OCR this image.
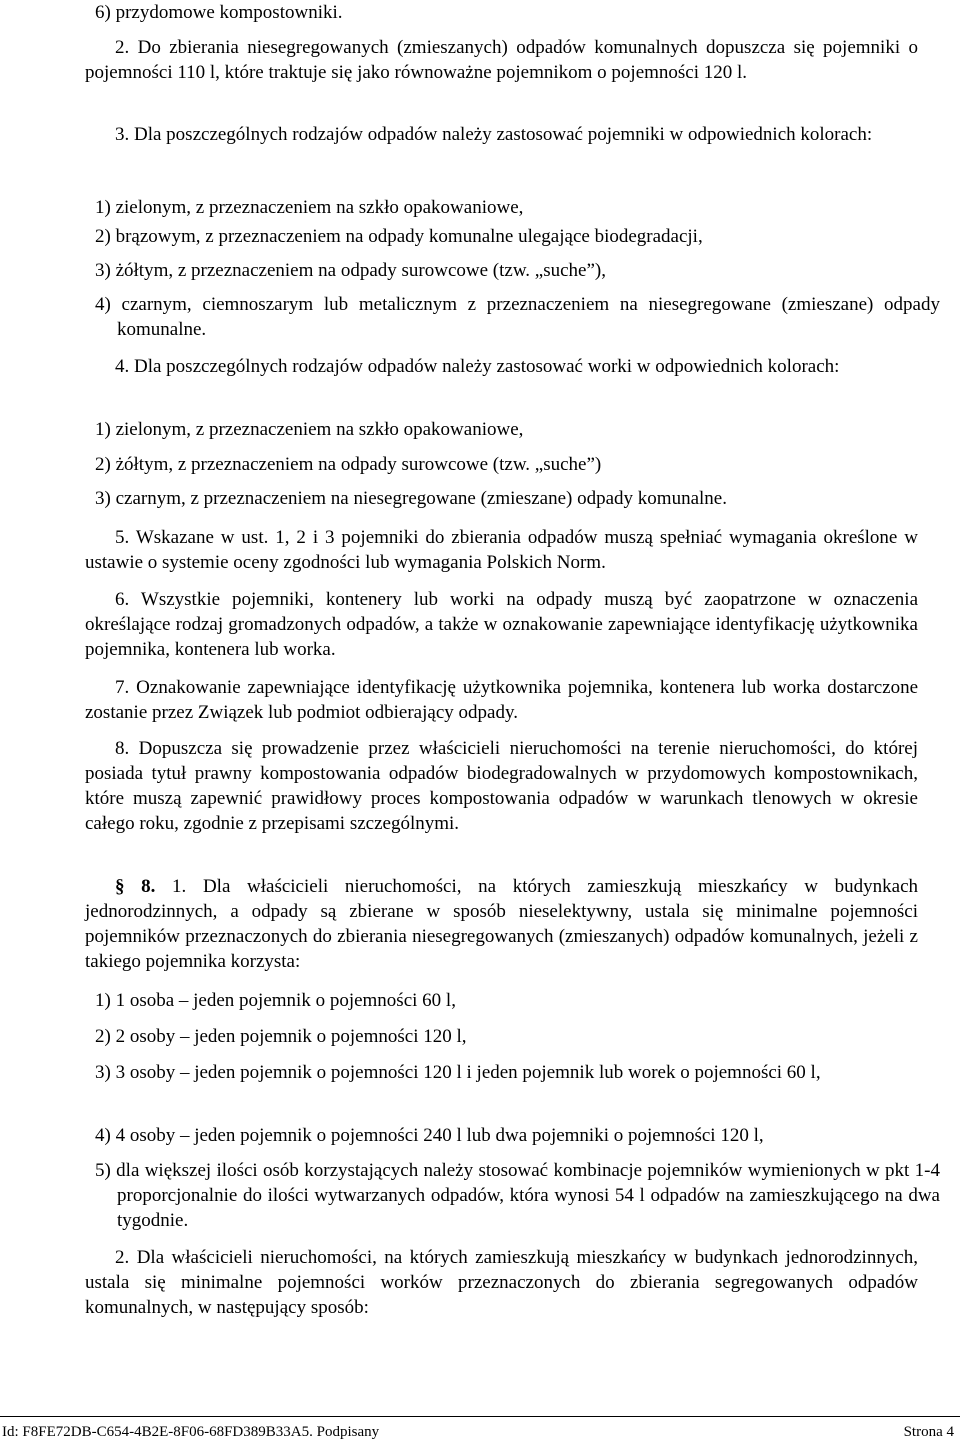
6) przydomowe kompostowniki.

2. Do zbierania niesegregowanych (zmieszanych) odpadów komunalnych dopuszcza się pojemniki o pojemności 110 l, które traktuje się jako równoważne pojemnikom o pojemności 120 l.

3. Dla poszczególnych rodzajów odpadów należy zastosować pojemniki w odpowiednich kolorach:

1) zielonym, z przeznaczeniem na szkło opakowaniowe,

2) brązowym, z przeznaczeniem na odpady komunalne ulegające biodegradacji,

3) żółtym, z przeznaczeniem na odpady surowcowe (tzw. „suche”),

4) czarnym, ciemnoszarym lub metalicznym z przeznaczeniem na niesegregowane (zmieszane) odpady komunalne.

4. Dla poszczególnych rodzajów odpadów należy zastosować worki w odpowiednich kolorach:

1) zielonym, z przeznaczeniem na szkło opakowaniowe,

2) żółtym, z przeznaczeniem na odpady surowcowe (tzw. „suche”)

3) czarnym, z przeznaczeniem na niesegregowane (zmieszane) odpady komunalne.

5. Wskazane w ust. 1, 2 i 3 pojemniki do zbierania odpadów muszą spełniać wymagania określone w ustawie o systemie oceny zgodności lub wymagania Polskich Norm.

6. Wszystkie pojemniki, kontenery lub worki na odpady muszą być zaopatrzone w oznaczenia określające rodzaj gromadzonych odpadów, a także w oznakowanie zapewniające identyfikację użytkownika pojemnika, kontenera lub worka.

7. Oznakowanie zapewniające identyfikację użytkownika pojemnika, kontenera lub worka dostarczone zostanie przez Związek lub podmiot odbierający odpady.

8. Dopuszcza się prowadzenie przez właścicieli nieruchomości na terenie nieruchomości, do której posiada tytuł prawny kompostowania odpadów biodegradowalnych w przydomowych kompostownikach, które muszą zapewnić prawidłowy proces kompostowania odpadów w warunkach tlenowych w okresie całego roku, zgodnie z przepisami szczególnymi.

§ 8. 1. Dla właścicieli nieruchomości, na których zamieszkują mieszkańcy w budynkach jednorodzinnych, a odpady są zbierane w sposób nieselektywny, ustala się minimalne pojemności pojemników przeznaczonych do zbierania niesegregowanych (zmieszanych) odpadów komunalnych, jeżeli z takiego pojemnika korzysta:

1) 1 osoba – jeden pojemnik o pojemności 60 l,

2) 2 osoby – jeden pojemnik o pojemności 120 l,

3) 3 osoby – jeden pojemnik o pojemności 120 l i jeden pojemnik lub worek o pojemności 60 l,

4) 4 osoby – jeden pojemnik o pojemności 240 l lub dwa pojemniki o pojemności 120 l,

5) dla większej ilości osób korzystających należy stosować kombinacje pojemników wymienionych w pkt 1-4 proporcjonalnie do ilości wytwarzanych odpadów, która wynosi 54 l odpadów na zamieszkującego na dwa tygodnie.

2. Dla właścicieli nieruchomości, na których zamieszkują mieszkańcy w budynkach jednorodzinnych, ustala się minimalne pojemności worków przeznaczonych do zbierania segregowanych odpadów komunalnych, w następujący sposób:

Id: F8FE72DB-C654-4B2E-8F06-68FD389B33A5. Podpisany	Strona 4
